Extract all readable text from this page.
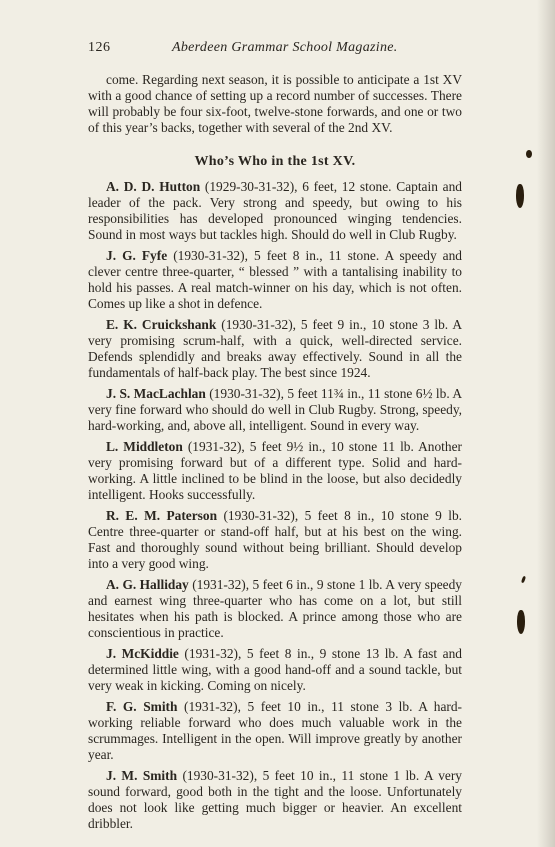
126	Aberdeen Grammar School Magazine.

come. Regarding next season, it is possible to anticipate a 1st XV with a good chance of setting up a record number of successes. There will probably be four six-foot, twelve-stone forwards, and one or two of this year’s backs, together with several of the 2nd XV.

Who’s Who in the 1st XV.

A. D. D. Hutton (1929-30-31-32), 6 feet, 12 stone. Captain and leader of the pack. Very strong and speedy, but owing to his responsibilities has developed pronounced winging tendencies. Sound in most ways but tackles high. Should do well in Club Rugby.

J. G. Fyfe (1930-31-32), 5 feet 8 in., 11 stone. A speedy and clever centre three-quarter, “ blessed ” with a tantalising inability to hold his passes. A real match-winner on his day, which is not often. Comes up like a shot in defence.

E. K. Cruickshank (1930-31-32), 5 feet 9 in., 10 stone 3 lb. A very promising scrum-half, with a quick, well-directed service. Defends splendidly and breaks away effectively. Sound in all the fundamentals of half-back play. The best since 1924.

J. S. MacLachlan (1930-31-32), 5 feet 11¾ in., 11 stone 6½ lb. A very fine forward who should do well in Club Rugby. Strong, speedy, hard-working, and, above all, intelligent. Sound in every way.

L. Middleton (1931-32), 5 feet 9½ in., 10 stone 11 lb. Another very promising forward but of a different type. Solid and hard-working. A little inclined to be blind in the loose, but also decidedly intelligent. Hooks successfully.

R. E. M. Paterson (1930-31-32), 5 feet 8 in., 10 stone 9 lb. Centre three-quarter or stand-off half, but at his best on the wing. Fast and thoroughly sound without being brilliant. Should develop into a very good wing.

A. G. Halliday (1931-32), 5 feet 6 in., 9 stone 1 lb. A very speedy and earnest wing three-quarter who has come on a lot, but still hesitates when his path is blocked. A prince among those who are conscientious in practice.

J. McKiddie (1931-32), 5 feet 8 in., 9 stone 13 lb. A fast and determined little wing, with a good hand-off and a sound tackle, but very weak in kicking. Coming on nicely.

F. G. Smith (1931-32), 5 feet 10 in., 11 stone 3 lb. A hard-working reliable forward who does much valuable work in the scrummages. Intelligent in the open. Will improve greatly by another year.

J. M. Smith (1930-31-32), 5 feet 10 in., 11 stone 1 lb. A very sound forward, good both in the tight and the loose. Unfortunately does not look like getting much bigger or heavier. An excellent dribbler.
